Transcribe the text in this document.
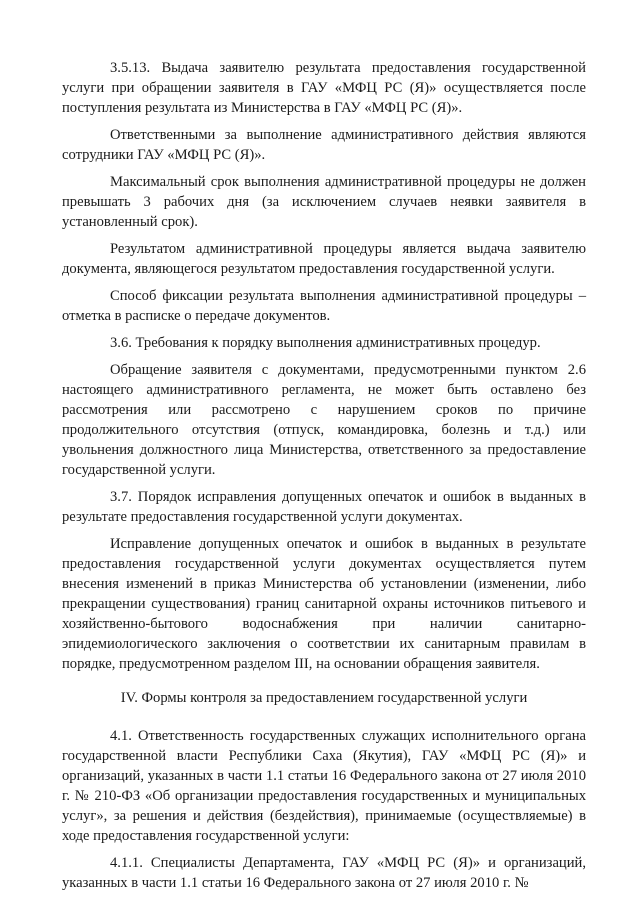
3.5.13. Выдача заявителю результата предоставления государственной услуги при обращении заявителя в ГАУ «МФЦ РС (Я)» осуществляется после поступления результата из Министерства в ГАУ «МФЦ РС (Я)».

Ответственными за выполнение административного действия являются сотрудники ГАУ «МФЦ РС (Я)».

Максимальный срок выполнения административной процедуры не должен превышать 3 рабочих дня (за исключением случаев неявки заявителя в установленный срок).

Результатом административной процедуры является выдача заявителю документа, являющегося результатом предоставления государственной услуги.

Способ фиксации результата выполнения административной процедуры – отметка в расписке о передаче документов.

3.6. Требования к порядку выполнения административных процедур.

Обращение заявителя с документами, предусмотренными пунктом 2.6 настоящего административного регламента, не может быть оставлено без рассмотрения или рассмотрено с нарушением сроков по причине продолжительного отсутствия (отпуск, командировка, болезнь и т.д.) или увольнения должностного лица Министерства, ответственного за предоставление государственной услуги.

3.7. Порядок исправления допущенных опечаток и ошибок в выданных в результате предоставления государственной услуги документах.

Исправление допущенных опечаток и ошибок в выданных в результате предоставления государственной услуги документах осуществляется путем внесения изменений в приказ Министерства об установлении (изменении, либо прекращении существования) границ санитарной охраны источников питьевого и хозяйственно-бытового водоснабжения при наличии санитарно-эпидемиологического заключения о соответствии их санитарным правилам в порядке, предусмотренном разделом III, на основании обращения заявителя.

IV. Формы контроля за предоставлением государственной услуги

4.1. Ответственность государственных служащих исполнительного органа государственной власти Республики Саха (Якутия), ГАУ «МФЦ РС (Я)» и организаций, указанных в части 1.1 статьи 16 Федерального закона от 27 июля 2010 г. № 210-ФЗ «Об организации предоставления государственных и муниципальных услуг», за решения и действия (бездействия), принимаемые (осуществляемые) в ходе предоставления государственной услуги:

4.1.1. Специалисты Департамента, ГАУ «МФЦ РС (Я)» и организаций, указанных в части 1.1 статьи 16 Федерального закона от 27 июля 2010 г. №
